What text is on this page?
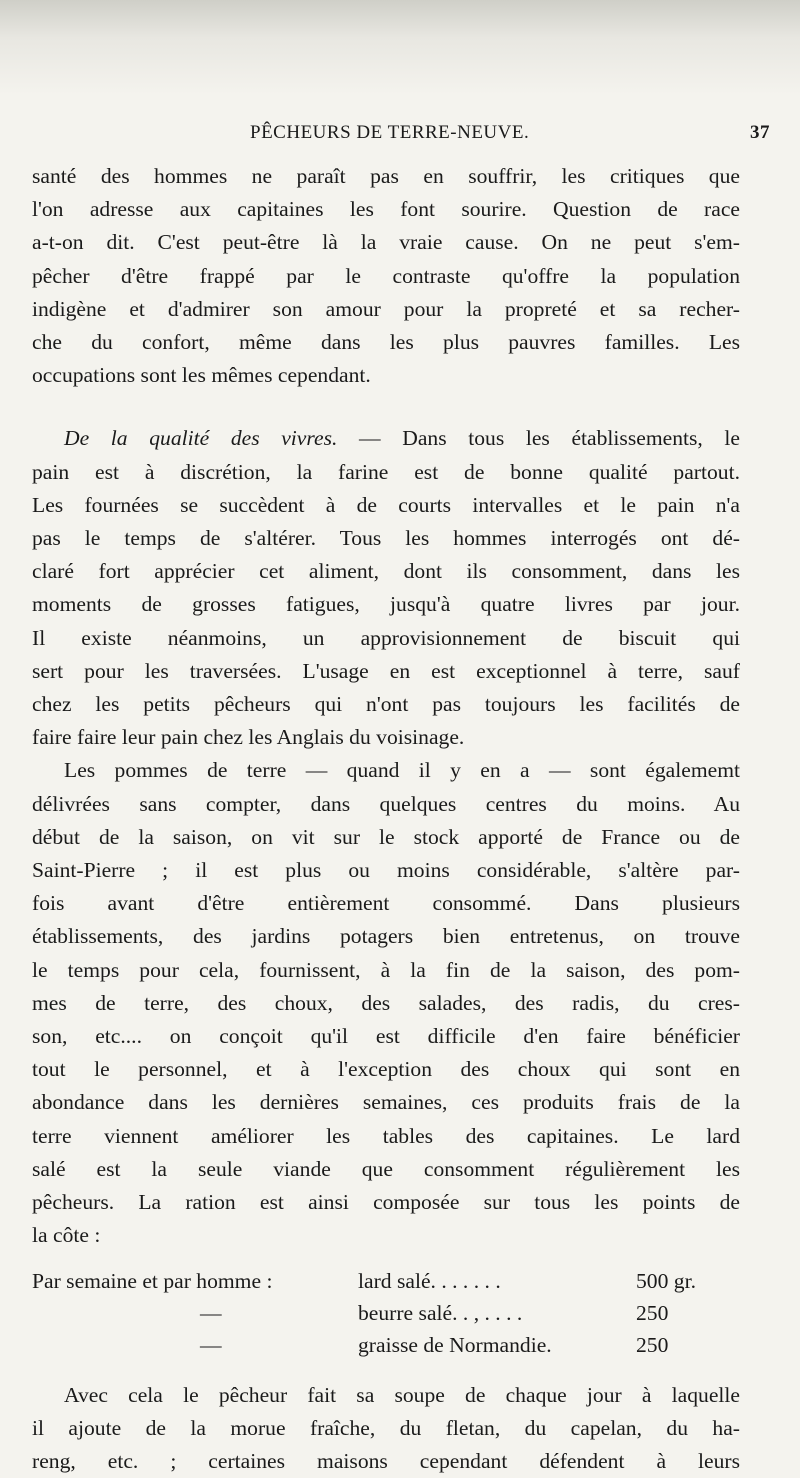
PÊCHEURS DE TERRE-NEUVE.	37
santé des hommes ne paraît pas en souffrir, les critiques que
l'on adresse aux capitaines les font sourire. Question de race
a-t-on dit. C'est peut-être là la vraie cause. On ne peut s'em-
pêcher d'être frappé par le contraste qu'offre la population
indigène et d'admirer son amour pour la propreté et sa recher-
che du confort, même dans les plus pauvres familles. Les
occupations sont les mêmes cependant.
De la qualité des vivres. — Dans tous les établissements, le
pain est à discrétion, la farine est de bonne qualité partout.
Les fournées se succèdent à de courts intervalles et le pain n'a
pas le temps de s'altérer. Tous les hommes interrogés ont dé-
claré fort apprécier cet aliment, dont ils consomment, dans les
moments de grosses fatigues, jusqu'à quatre livres par jour.
Il existe néanmoins, un approvisionnement de biscuit qui
sert pour les traversées. L'usage en est exceptionnel à terre, sauf
chez les petits pêcheurs qui n'ont pas toujours les facilités de
faire faire leur pain chez les Anglais du voisinage.
Les pommes de terre — quand il y en a — sont égalememt
délivrées sans compter, dans quelques centres du moins. Au
début de la saison, on vit sur le stock apporté de France ou de
Saint-Pierre ; il est plus ou moins considérable, s'altère par-
fois avant d'être entièrement consommé. Dans plusieurs
établissements, des jardins potagers bien entretenus, on trouve
le temps pour cela, fournissent, à la fin de la saison, des pom-
mes de terre, des choux, des salades, des radis, du cres-
son, etc.... on conçoit qu'il est difficile d'en faire bénéficier
tout le personnel, et à l'exception des choux qui sont en
abondance dans les dernières semaines, ces produits frais de la
terre viennent améliorer les tables des capitaines. Le lard
salé est la seule viande que consomment régulièrement les
pêcheurs. La ration est ainsi composée sur tous les points de
la côte :
Par semaine et par homme :	lard salé. . . . . . .	500 gr.
—	beurre salé. . , . . . .	250
—	graisse de Normandie.	250
Avec cela le pêcheur fait sa soupe de chaque jour à laquelle
il ajoute de la morue fraîche, du fletan, du capelan, du ha-
reng, etc. ; certaines maisons cependant défendent à leurs
